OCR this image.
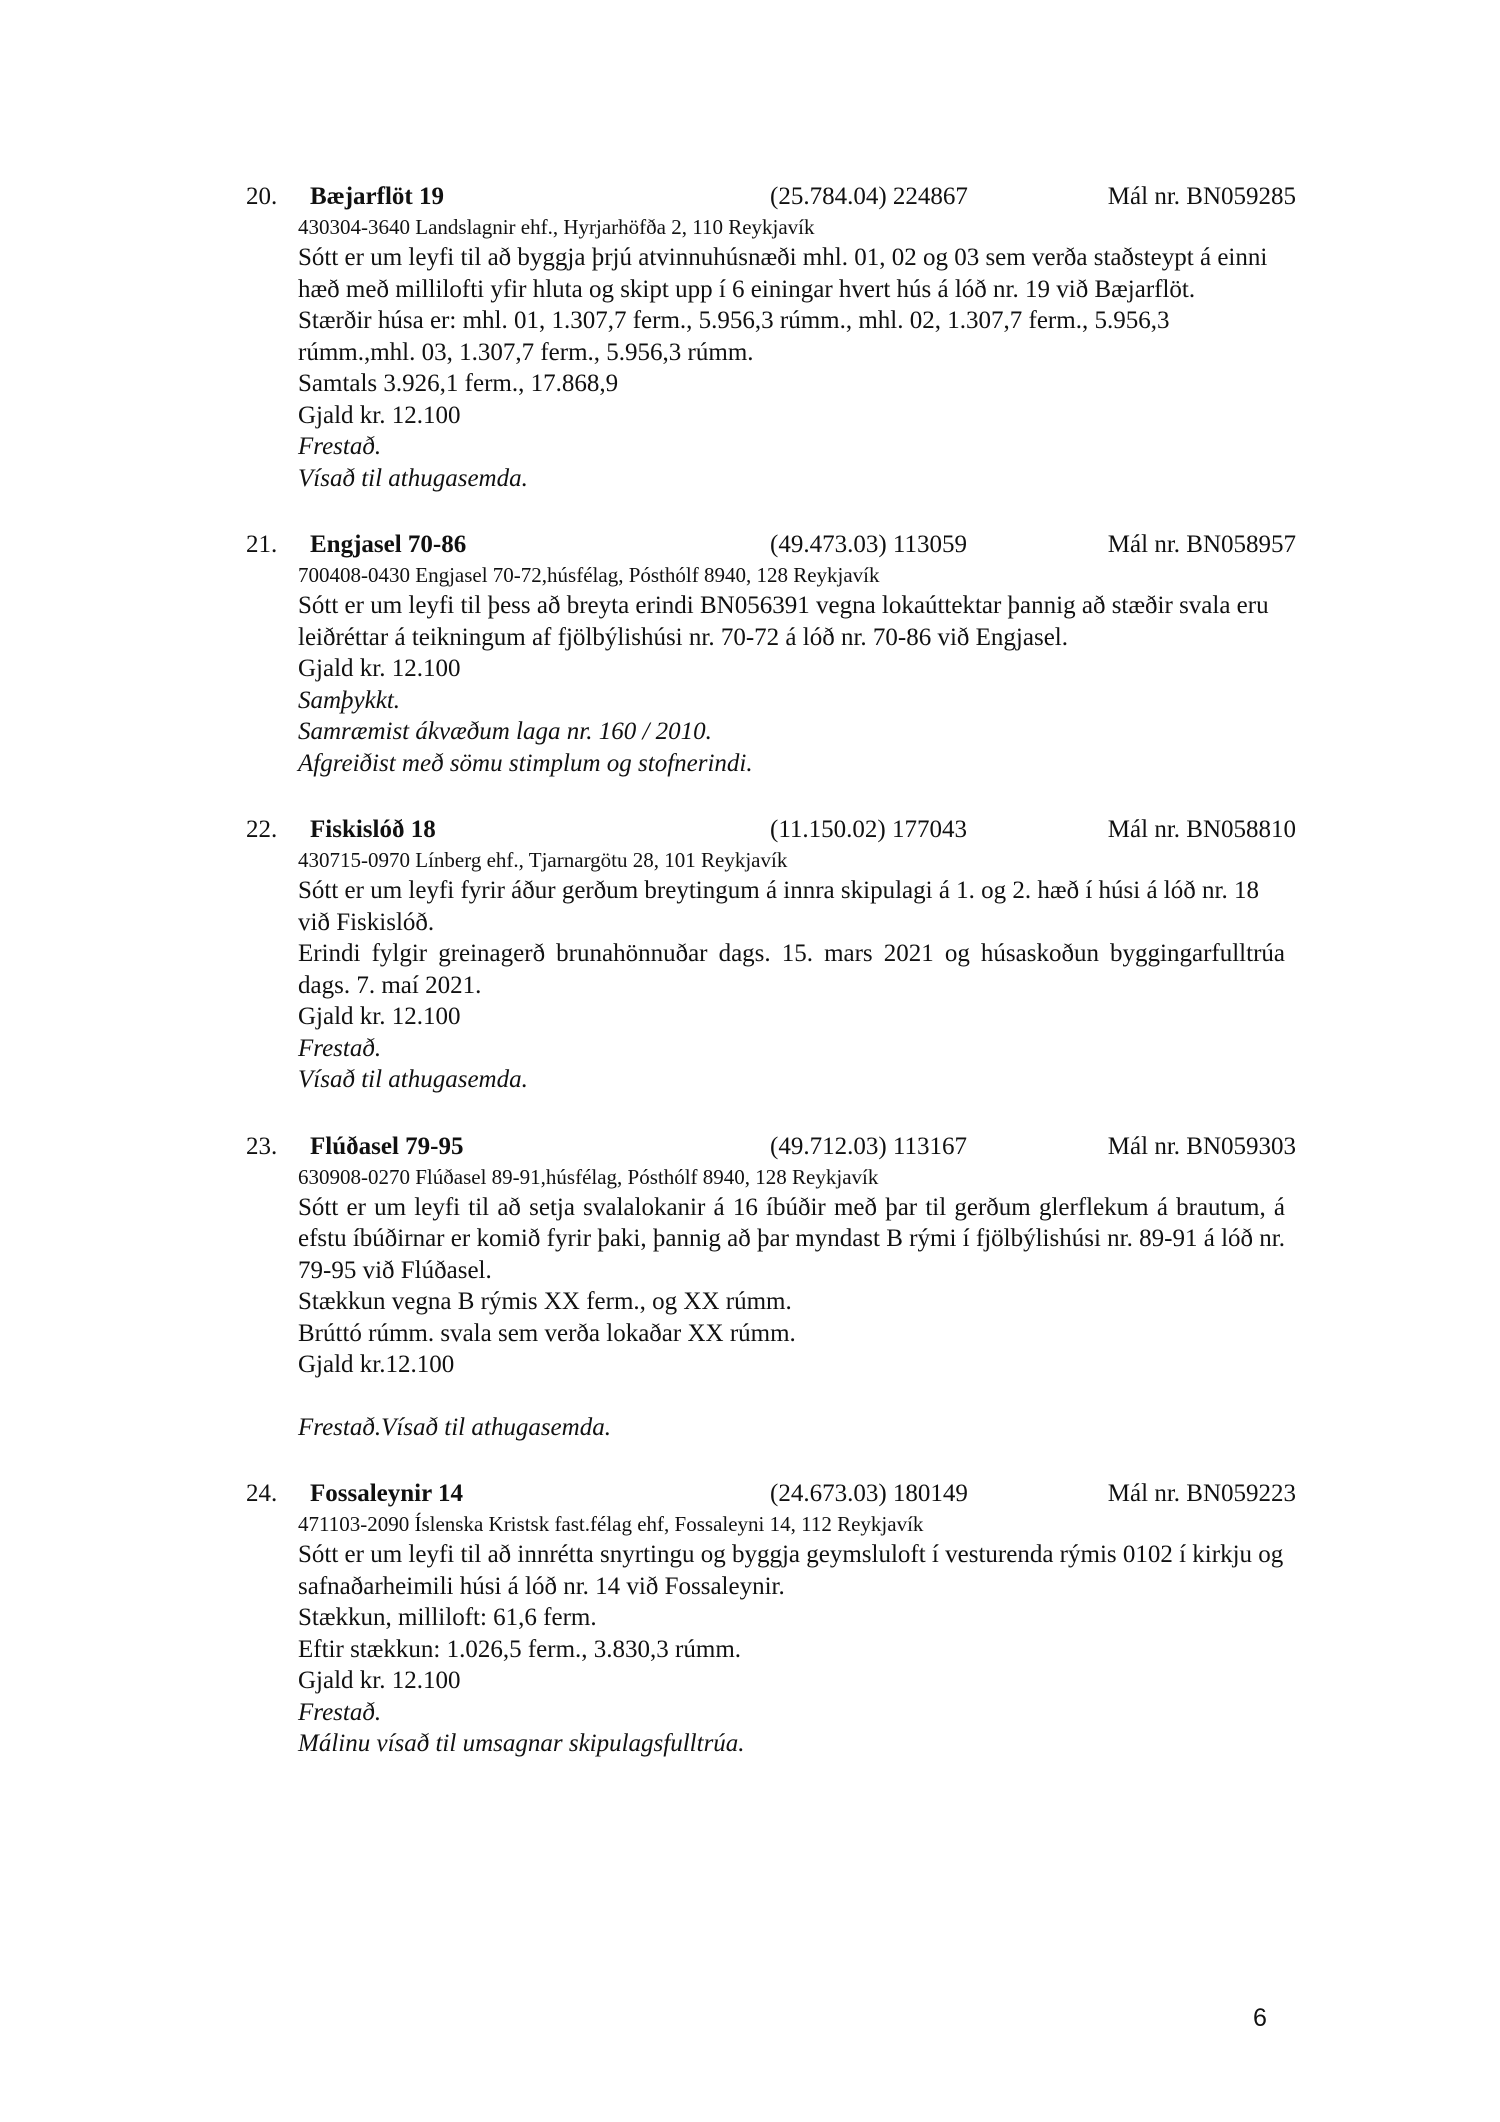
20. Bæjarflöt 19	(25.784.04) 224867	Mál nr. BN059285
430304-3640 Landslagnir ehf., Hyrjarhöfða 2, 110 Reykjavík
Sótt er um leyfi til að byggja þrjú atvinnuhúsnæði mhl. 01, 02 og 03 sem verða staðsteypt á einni hæð með millilofti yfir hluta og skipt upp í 6 einingar hvert hús á lóð nr. 19 við Bæjarflöt.
Stærðir húsa er: mhl. 01, 1.307,7 ferm., 5.956,3 rúmm., mhl. 02, 1.307,7 ferm., 5.956,3 rúmm.,mhl. 03, 1.307,7 ferm., 5.956,3 rúmm.
Samtals 3.926,1 ferm., 17.868,9
Gjald kr. 12.100
Frestað.
Vísað til athugasemda.
21. Engjasel 70-86	(49.473.03) 113059	Mál nr. BN058957
700408-0430 Engjasel 70-72,húsfélag, Pósthólf 8940, 128 Reykjavík
Sótt er um leyfi til þess að breyta erindi BN056391 vegna lokaúttektar þannig að stæðir svala eru leiðréttar á teikningum af fjölbýlishúsi nr. 70-72 á lóð nr. 70-86 við Engjasel.
Gjald kr. 12.100
Samþykkt.
Samræmist ákvæðum laga nr. 160 / 2010.
Afgreiðist með sömu stimplum og stofnerindi.
22. Fiskislóð 18	(11.150.02) 177043	Mál nr. BN058810
430715-0970 Línberg ehf., Tjarnargötu 28, 101 Reykjavík
Sótt er um leyfi fyrir áður gerðum breytingum á innra skipulagi á 1. og 2. hæð í húsi á lóð nr. 18 við Fiskislóð.
Erindi fylgir greinagerð brunahönnuðar dags. 15. mars 2021 og húsaskoðun byggingarfulltrúa dags. 7. maí 2021.
Gjald kr. 12.100
Frestað.
Vísað til athugasemda.
23. Flúðasel 79-95	(49.712.03) 113167	Mál nr. BN059303
630908-0270 Flúðasel 89-91,húsfélag, Pósthólf 8940, 128 Reykjavík
Sótt er um leyfi til að setja svalalokanir á 16 íbúðir með þar til gerðum glerflekum á brautum, á efstu íbúðirnar er komið fyrir þaki, þannig að þar myndast B rými í fjölbýlishúsi nr. 89-91 á lóð nr. 79-95 við Flúðasel.
Stækkun vegna B rýmis XX ferm., og XX rúmm.
Brúttó rúmm. svala sem verða lokaðar XX rúmm.
Gjald kr.12.100
Frestað.Vísað til athugasemda.
24. Fossaleynir 14	(24.673.03) 180149	Mál nr. BN059223
471103-2090 Íslenska Kristsk fast.félag ehf, Fossaleyni 14, 112 Reykjavík
Sótt er um leyfi til að innrétta snyrtingu og byggja geymsluloft í vesturenda rýmis 0102 í kirkju og safnaðarheimili húsi á lóð nr. 14 við Fossaleynir.
Stækkun, milliloft: 61,6 ferm.
Eftir stækkun: 1.026,5 ferm., 3.830,3 rúmm.
Gjald kr. 12.100
Frestað.
Málinu vísað til umsagnar skipulagsfulltrúa.
6
